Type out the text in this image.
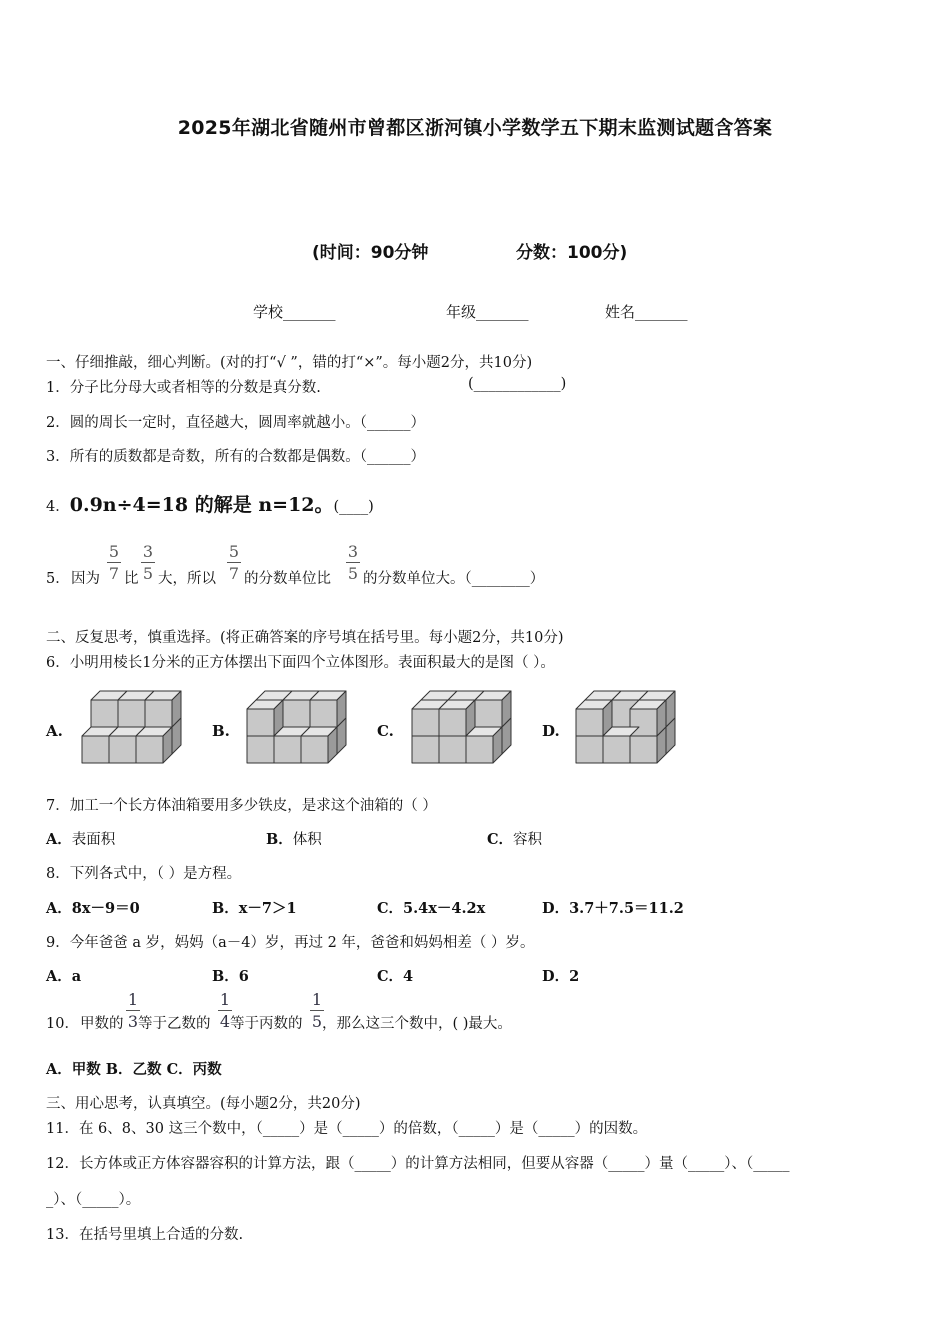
2025年湖北省随州市曾都区浙河镇小学数学五下期末监测试题含答案
(时间：90分钟	分数：100分)
学校_______	年级_______	姓名_______
一、仔细推敲，细心判断。(对的打“√ ”，错的打“×”。每小题2分，共10分)
1．分子比分母大或者相等的分数是真分数.	(____________)
2．圆的周长一定时，直径越大，圆周率就越小。（______）
3．所有的质数都是奇数，所有的合数都是偶数。（______）
4．0.9n÷4=18 的解是 n=12。(____)
5． 因为
5
7 比
3
5 大，所以
5
7 的分数单位比
3
5 的分数单位大。（________）
二、反复思考，慎重选择。(将正确答案的序号填在括号里。每小题2分，共10分)
6．小明用棱长1分米的正方体摆出下面四个立体图形。表面积最大的是图（ ）。
A.	B.	C.	D.
7．加工一个长方体油箱要用多少铁皮，是求这个油箱的（ ）
A．表面积	B．体积	C．容积
8．下列各式中，（ ）是方程。
A．8x－9＝0	B．x－7＞1	C．5.4x－4.2x	D．3.7＋7.5＝11.2
9．今年爸爸 a 岁，妈妈（a－4）岁，再过 2 年，爸爸和妈妈相差（ ）岁。
A．a	B．6	C．4	D．2
10． 甲数的
1
3 等于乙数的
1
4 等于丙数的
1
5 ，那么这三个数中，( )最大。
A．甲数 B．乙数 C．丙数
三、用心思考，认真填空。(每小题2分，共20分)
11．在 6、8、30 这三个数中，（_____）是（_____）的倍数，（_____）是（_____）的因数。
12．长方体或正方体容器容积的计算方法，跟（_____）的计算方法相同，但要从容器（_____）量（_____）、（_____
_）、（_____）。
13．在括号里填上合适的分数.
